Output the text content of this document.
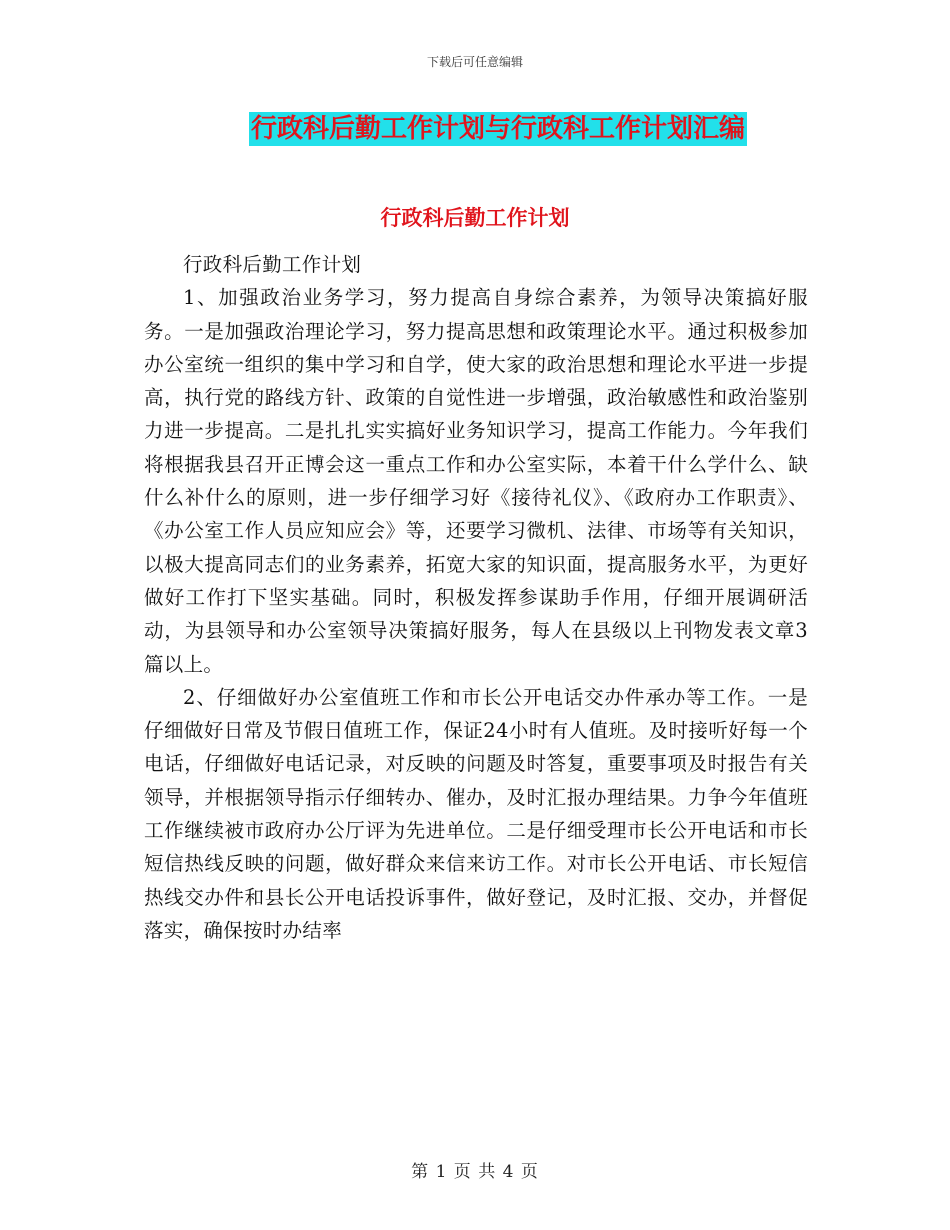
下载后可任意编辑
行政科后勤工作计划与行政科工作计划汇编
行政科后勤工作计划

行政科后勤工作计划

1、加强政治业务学习，努力提高自身综合素养，为领导决策搞好服务。一是加强政治理论学习，努力提高思想和政策理论水平。通过积极参加办公室统一组织的集中学习和自学，使大家的政治思想和理论水平进一步提高，执行党的路线方针、政策的自觉性进一步增强，政治敏感性和政治鉴别力进一步提高。二是扎扎实实搞好业务知识学习，提高工作能力。今年我们将根据我县召开正博会这一重点工作和办公室实际，本着干什么学什么、缺什么补什么的原则，进一步仔细学习好《接待礼仪》、《政府办工作职责》、《办公室工作人员应知应会》等，还要学习微机、法律、市场等有关知识，以极大提高同志们的业务素养，拓宽大家的知识面，提高服务水平，为更好做好工作打下坚实基础。同时，积极发挥参谋助手作用，仔细开展调研活动，为县领导和办公室领导决策搞好服务，每人在县级以上刊物发表文章3篇以上。

2、仔细做好办公室值班工作和市长公开电话交办件承办等工作。一是仔细做好日常及节假日值班工作，保证24小时有人值班。及时接听好每一个电话，仔细做好电话记录，对反映的问题及时答复，重要事项及时报告有关领导，并根据领导指示仔细转办、催办，及时汇报办理结果。力争今年值班工作继续被市政府办公厅评为先进单位。二是仔细受理市长公开电话和市长短信热线反映的问题，做好群众来信来访工作。对市长公开电话、市长短信热线交办件和县长公开电话投诉事件，做好登记，及时汇报、交办，并督促落实，确保按时办结率

第 1 页 共 4 页
